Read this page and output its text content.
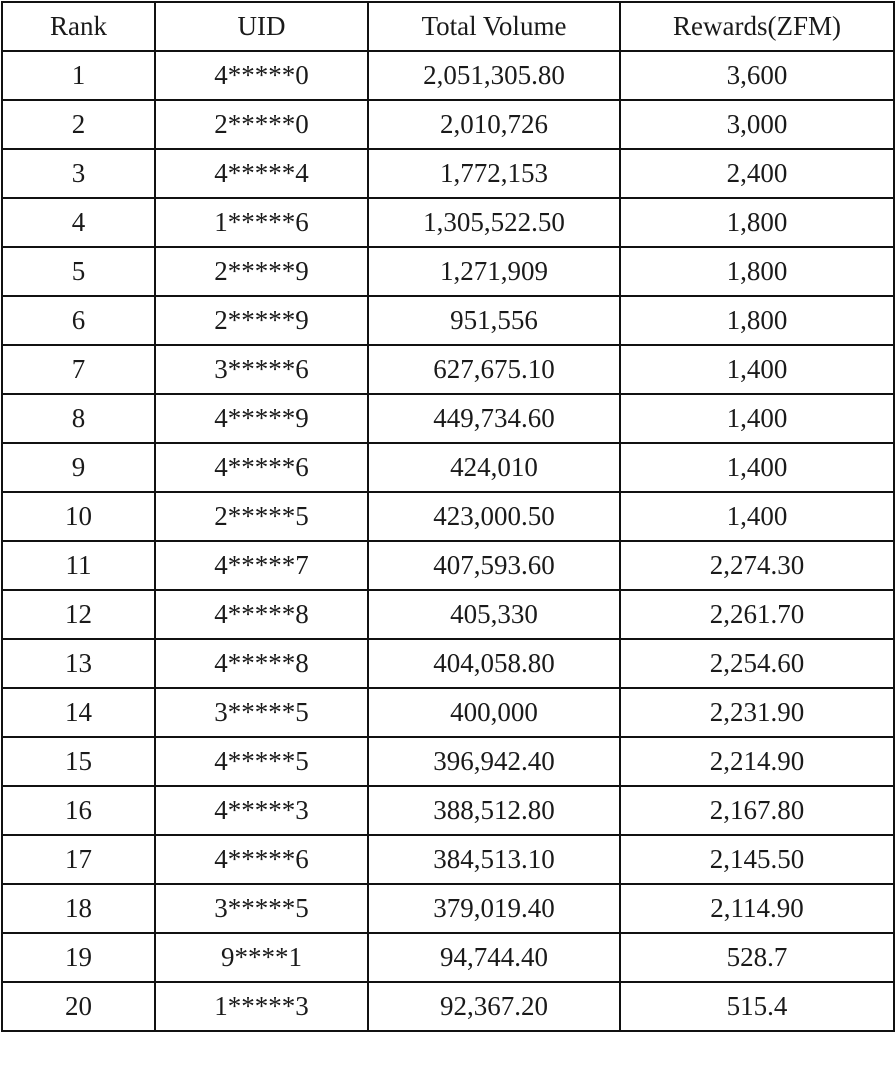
Rank	UID	Total Volume	Rewards(ZFM)
1	4*****0	2,051,305.80	3,600
2	2*****0	2,010,726	3,000
3	4*****4	1,772,153	2,400
4	1*****6	1,305,522.50	1,800
5	2*****9	1,271,909	1,800
6	2*****9	951,556	1,800
7	3*****6	627,675.10	1,400
8	4*****9	449,734.60	1,400
9	4*****6	424,010	1,400
10	2*****5	423,000.50	1,400
11	4*****7	407,593.60	2,274.30
12	4*****8	405,330	2,261.70
13	4*****8	404,058.80	2,254.60
14	3*****5	400,000	2,231.90
15	4*****5	396,942.40	2,214.90
16	4*****3	388,512.80	2,167.80
17	4*****6	384,513.10	2,145.50
18	3*****5	379,019.40	2,114.90
19	9****1	94,744.40	528.7
20	1*****3	92,367.20	515.4
